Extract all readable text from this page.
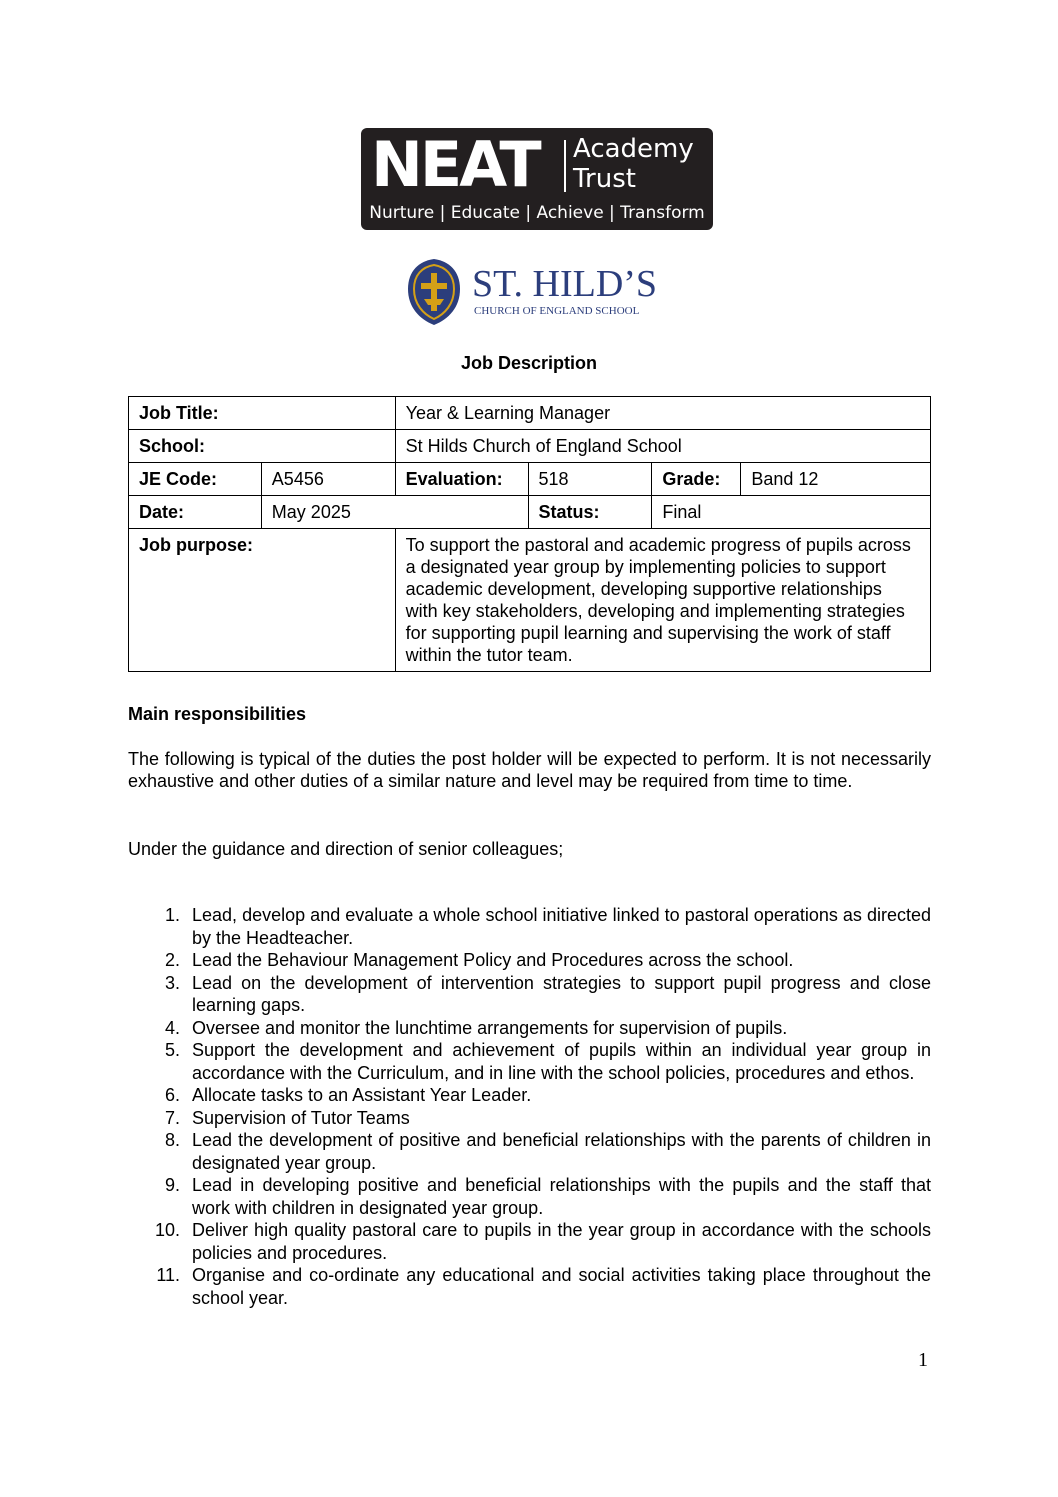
NEAT Academy
Trust
Nurture | Educate | Achieve | Transform
ST. HILD’S
CHURCH OF ENGLAND SCHOOL
Job Description
Job Title:		Year & Learning Manager			
School:		St Hilds Church of England School			
JE Code:	A5456	Evaluation:	518	Grade:	Band 12
Date:	May 2025		Status:	Final	
Job purpose:		To support the pastoral and academic progress of pupils across a designated year group by implementing policies to support academic development, developing supportive relationships with key stakeholders, developing and implementing strategies for supporting pupil learning and supervising the work of staff within the tutor team.			
Main responsibilities

The following is typical of the duties the post holder will be expected to perform. It is not necessarily exhaustive and other duties of a similar nature and level may be required from time to time.

Under the guidance and direction of senior colleagues;
1. Lead, develop and evaluate a whole school initiative linked to pastoral operations as directed by the Headteacher.
2. Lead the Behaviour Management Policy and Procedures across the school.
3. Lead on the development of intervention strategies to support pupil progress and close learning gaps.
4. Oversee and monitor the lunchtime arrangements for supervision of pupils.
5. Support the development and achievement of pupils within an individual year group in accordance with the Curriculum, and in line with the school policies, procedures and ethos.
6. Allocate tasks to an Assistant Year Leader.
7. Supervision of Tutor Teams
8. Lead the development of positive and beneficial relationships with the parents of children in designated year group.
9. Lead in developing positive and beneficial relationships with the pupils and the staff that work with children in designated year group.
10. Deliver high quality pastoral care to pupils in the year group in accordance with the schools policies and procedures.
11. Organise and co-ordinate any educational and social activities taking place throughout the school year.
1
